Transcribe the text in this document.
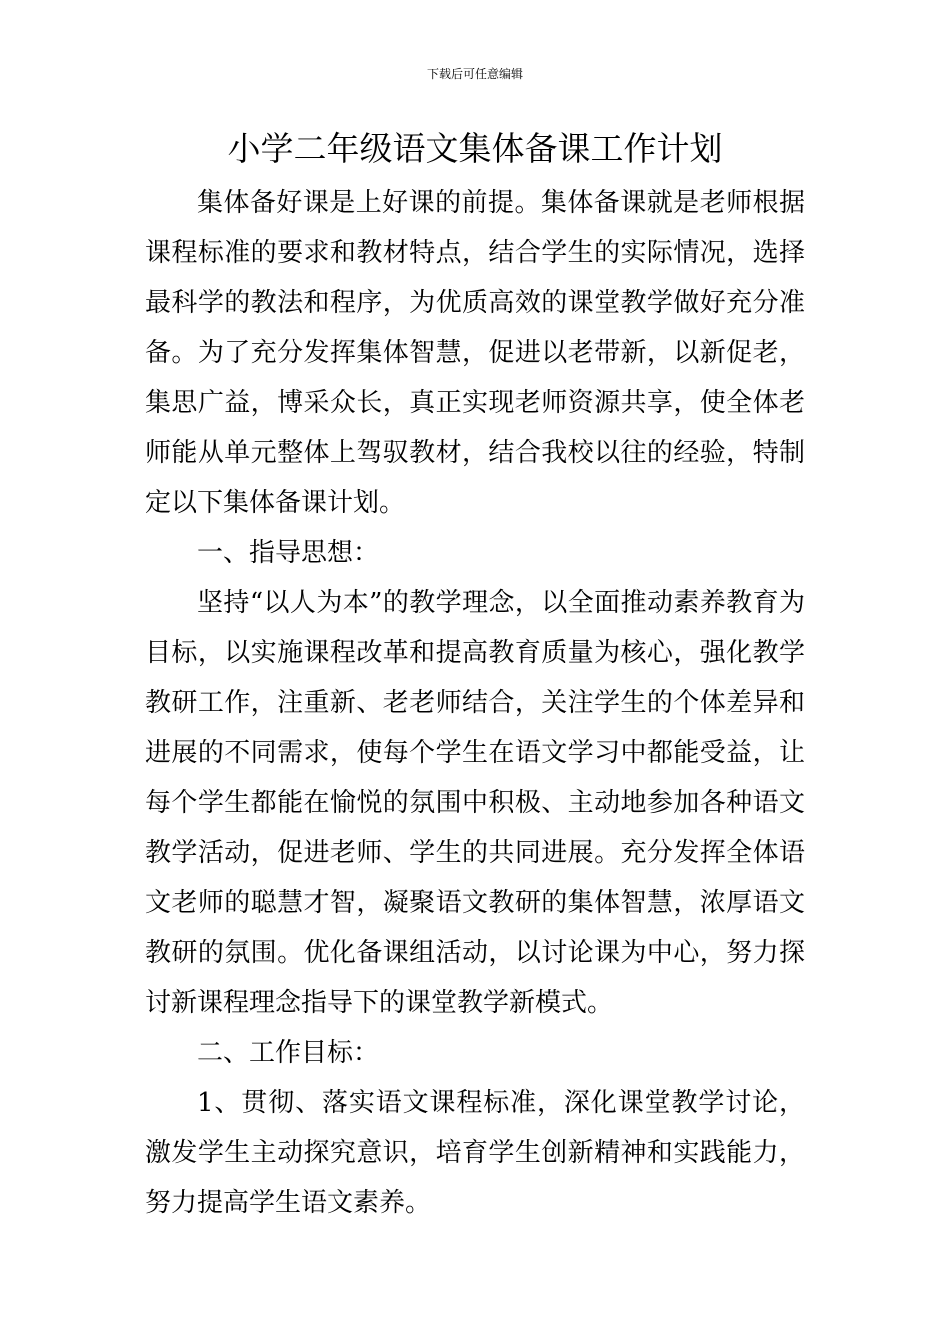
下载后可任意编辑
小学二年级语文集体备课工作计划

集体备好课是上好课的前提。集体备课就是老师根据课程标准的要求和教材特点，结合学生的实际情况，选择最科学的教法和程序，为优质高效的课堂教学做好充分准备。为了充分发挥集体智慧，促进以老带新，以新促老，集思广益，博采众长，真正实现老师资源共享，使全体老师能从单元整体上驾驭教材，结合我校以往的经验，特制定以下集体备课计划。

一、指导思想：

坚持“以人为本”的教学理念，以全面推动素养教育为目标，以实施课程改革和提高教育质量为核心，强化教学教研工作，注重新、老老师结合，关注学生的个体差异和进展的不同需求，使每个学生在语文学习中都能受益，让每个学生都能在愉悦的氛围中积极、主动地参加各种语文教学活动，促进老师、学生的共同进展。充分发挥全体语文老师的聪慧才智，凝聚语文教研的集体智慧，浓厚语文教研的氛围。优化备课组活动，以讨论课为中心，努力探讨新课程理念指导下的课堂教学新模式。

二、工作目标：

1、贯彻、落实语文课程标准，深化课堂教学讨论，激发学生主动探究意识，培育学生创新精神和实践能力，努力提高学生语文素养。
